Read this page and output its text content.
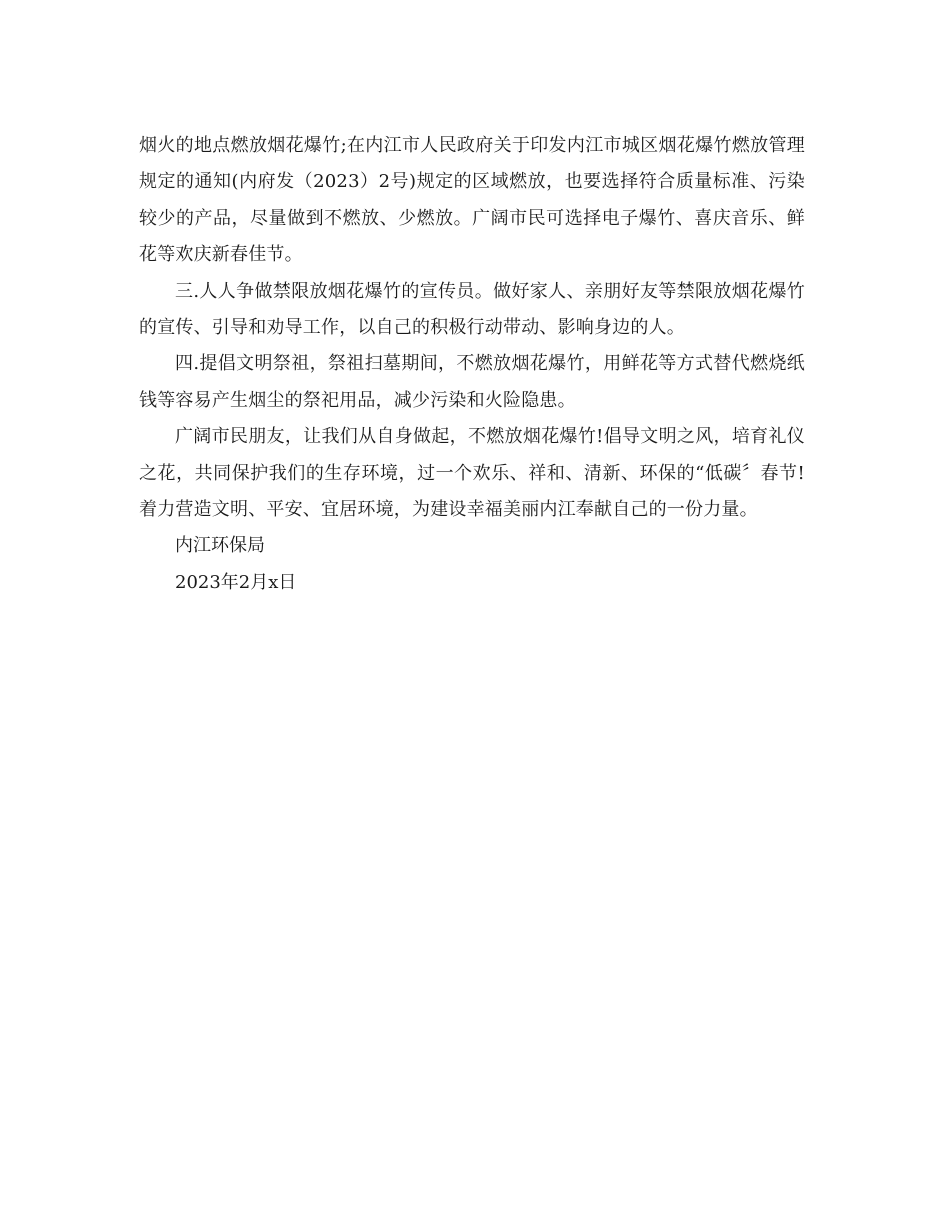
烟火的地点燃放烟花爆竹;在内江市人民政府关于印发内江市城区烟花爆竹燃放管理规定的通知(内府发（2023）2号)规定的区域燃放，也要选择符合质量标准、污染较少的产品，尽量做到不燃放、少燃放。广阔市民可选择电子爆竹、喜庆音乐、鲜花等欢庆新春佳节。

三.人人争做禁限放烟花爆竹的宣传员。做好家人、亲朋好友等禁限放烟花爆竹的宣传、引导和劝导工作，以自己的积极行动带动、影响身边的人。

四.提倡文明祭祖，祭祖扫墓期间，不燃放烟花爆竹，用鲜花等方式替代燃烧纸钱等容易产生烟尘的祭祀用品，减少污染和火险隐患。

广阔市民朋友，让我们从自身做起，不燃放烟花爆竹!倡导文明之风，培育礼仪之花，共同保护我们的生存环境，过一个欢乐、祥和、清新、环保的“低碳〞春节!着力营造文明、平安、宜居环境，为建设幸福美丽内江奉献自己的一份力量。

内江环保局

2023年2月x日
